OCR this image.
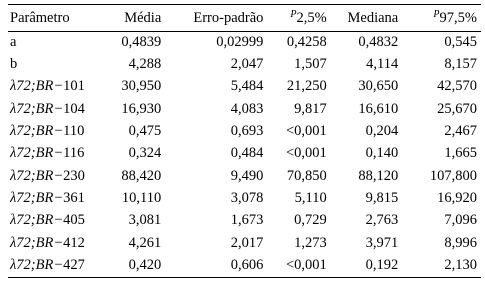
Parâmetro	Média	Erro-padrão	$^P$2,5%	Mediana	$^P$97,5%
a	0,4839	0,02999	0,4258	0,4832	0,545
b	4,288	2,047	1,507	4,114	8,157
λ72;BR−101	30,950	5,484	21,250	30,650	42,570
λ72;BR−104	16,930	4,083	9,817	16,610	25,670
λ72;BR−110	0,475	0,693	<0,001	0,204	2,467
λ72;BR−116	0,324	0,484	<0,001	0,140	1,665
λ72;BR−230	88,420	9,490	70,850	88,120	107,800
λ72;BR−361	10,110	3,078	5,110	9,815	16,920
λ72;BR−405	3,081	1,673	0,729	2,763	7,096
λ72;BR−412	4,261	2,017	1,273	3,971	8,996
λ72;BR−427	0,420	0,606	<0,001	0,192	2,130
